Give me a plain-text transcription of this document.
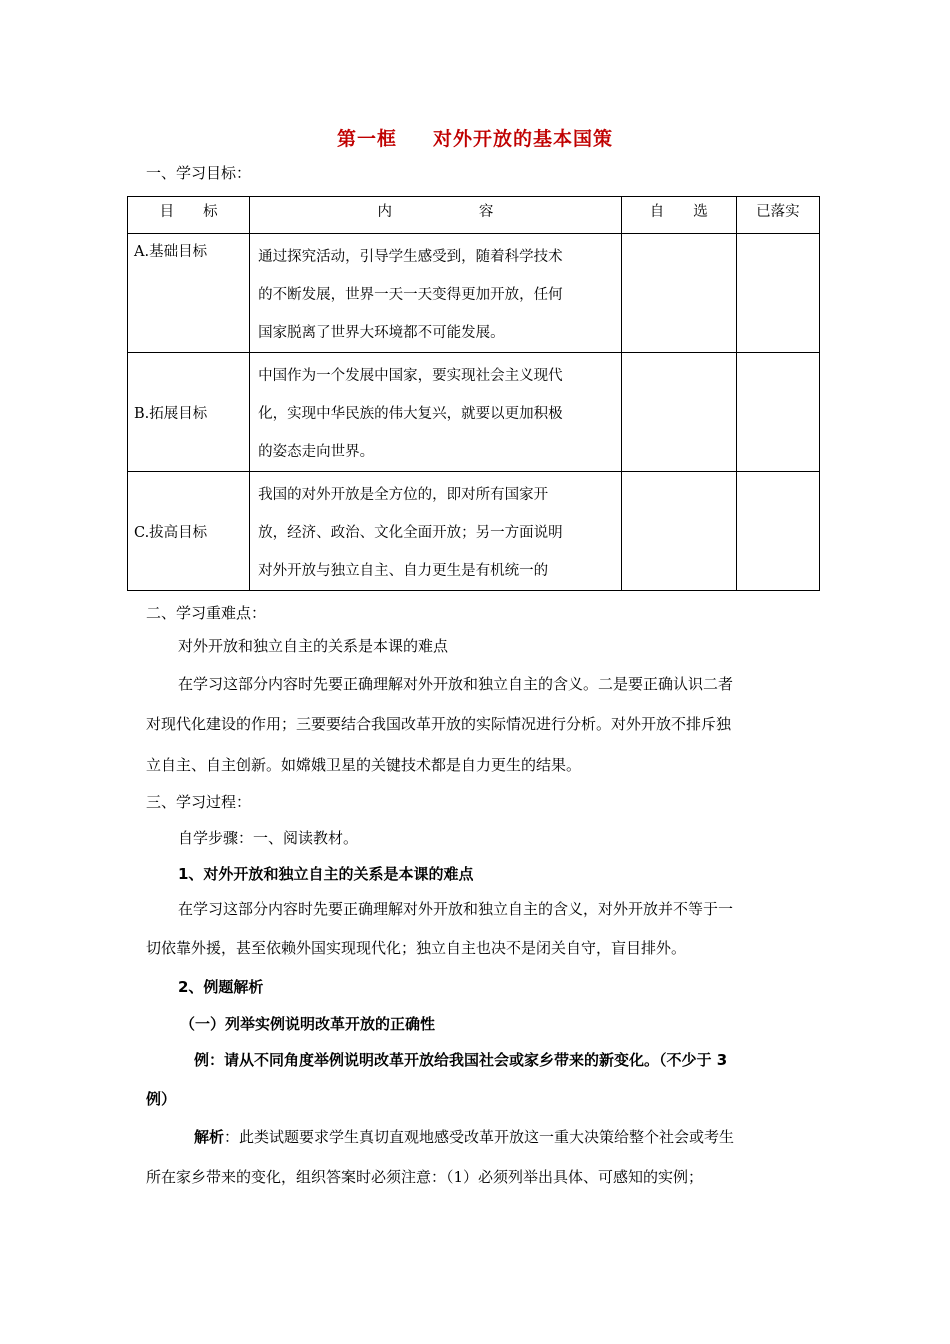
第一框 对外开放的基本国策
一、学习目标：
目　　标	内　　　　　　容	自　　选	已落实
A.基础目标	通过探究活动，引导学生感受到，随着科学技术
的不断发展，世界一天一天变得更加开放，任何
国家脱离了世界大环境都不可能发展。		

B.拓展目标	中国作为一个发展中国家，要实现社会主义现代
化，实现中华民族的伟大复兴，就要以更加积极
的姿态走向世界。		

C.拔高目标	我国的对外开放是全方位的，即对所有国家开
放，经济、政治、文化全面开放；另一方面说明
对外开放与独立自主、自力更生是有机统一的		

二、学习重难点：
对外开放和独立自主的关系是本课的难点
在学习这部分内容时先要正确理解对外开放和独立自主的含义。二是要正确认识二者
对现代化建设的作用；三要要结合我国改革开放的实际情况进行分析。对外开放不排斥独
立自主、自主创新。如嫦娥卫星的关键技术都是自力更生的结果。
三、学习过程：
自学步骤：一、阅读教材。
1、对外开放和独立自主的关系是本课的难点
在学习这部分内容时先要正确理解对外开放和独立自主的含义，对外开放并不等于一
切依靠外援，甚至依赖外国实现现代化；独立自主也决不是闭关自守，盲目排外。
2、例题解析
（一）列举实例说明改革开放的正确性
例：请从不同角度举例说明改革开放给我国社会或家乡带来的新变化。（不少于 3
例）
解析：此类试题要求学生真切直观地感受改革开放这一重大决策给整个社会或考生
所在家乡带来的变化，组织答案时必须注意：（1）必须列举出具体、可感知的实例；
